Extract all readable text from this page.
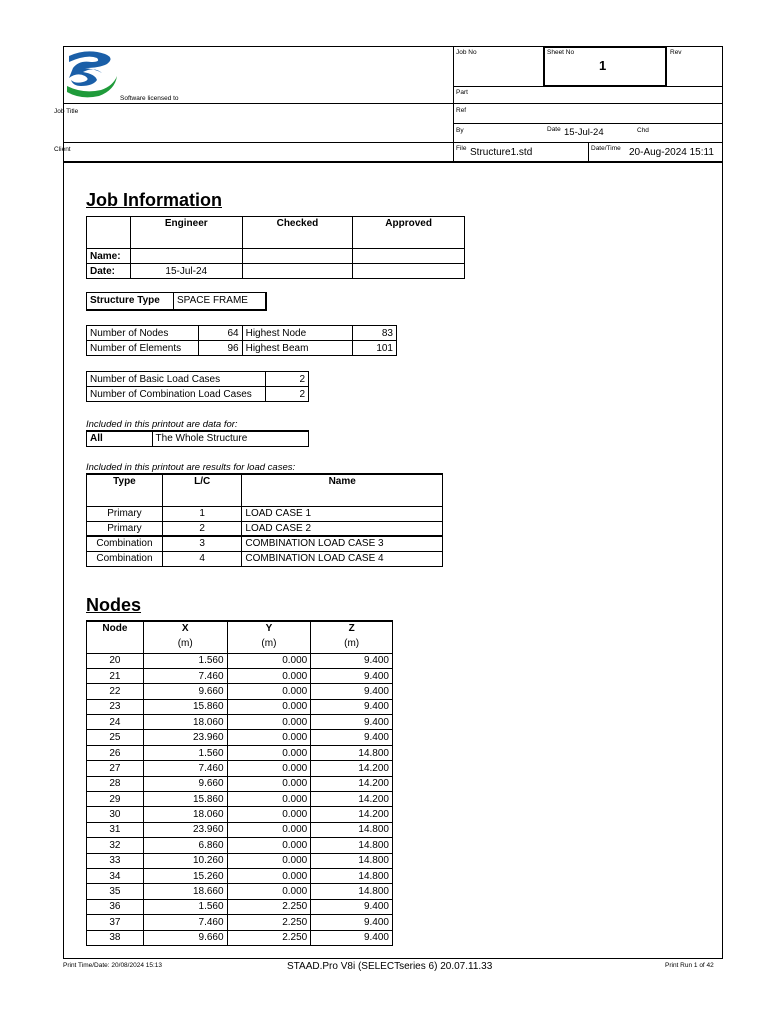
Software licensed to
Job Title
Client
Job No	Sheet No
1
Rev
Part
Ref
By	Date 15-Jul-24	Chd
File Structure1.std	Date/Time 20-Aug-2024 15:11
Job Information
	Engineer	Checked	Approved
Name:			
Date:	15-Jul-24		
Structure Type	SPACE FRAME
Number of Nodes	64	Highest Node	83
Number of Elements	96	Highest Beam	101
Number of Basic Load Cases	2
Number of Combination Load Cases	2
Included in this printout are data for:
All	The Whole Structure
Included in this printout are results for load cases:
Type	L/C	Name
Primary	1	LOAD CASE 1
Primary	2	LOAD CASE 2
Combination	3	COMBINATION LOAD CASE 3
Combination	4	COMBINATION LOAD CASE 4
Nodes
Node	X	Y	Z
	(m)	(m)	(m)
20	1.560	0.000	9.400
21	7.460	0.000	9.400
22	9.660	0.000	9.400
23	15.860	0.000	9.400
24	18.060	0.000	9.400
25	23.960	0.000	9.400
26	1.560	0.000	14.800
27	7.460	0.000	14.200
28	9.660	0.000	14.200
29	15.860	0.000	14.200
30	18.060	0.000	14.200
31	23.960	0.000	14.800
32	6.860	0.000	14.800
33	10.260	0.000	14.800
34	15.260	0.000	14.800
35	18.660	0.000	14.800
36	1.560	2.250	9.400
37	7.460	2.250	9.400
38	9.660	2.250	9.400
Print Time/Date: 20/08/2024 15:13	STAAD.Pro V8i (SELECTseries 6) 20.07.11.33	Print Run 1 of 42
